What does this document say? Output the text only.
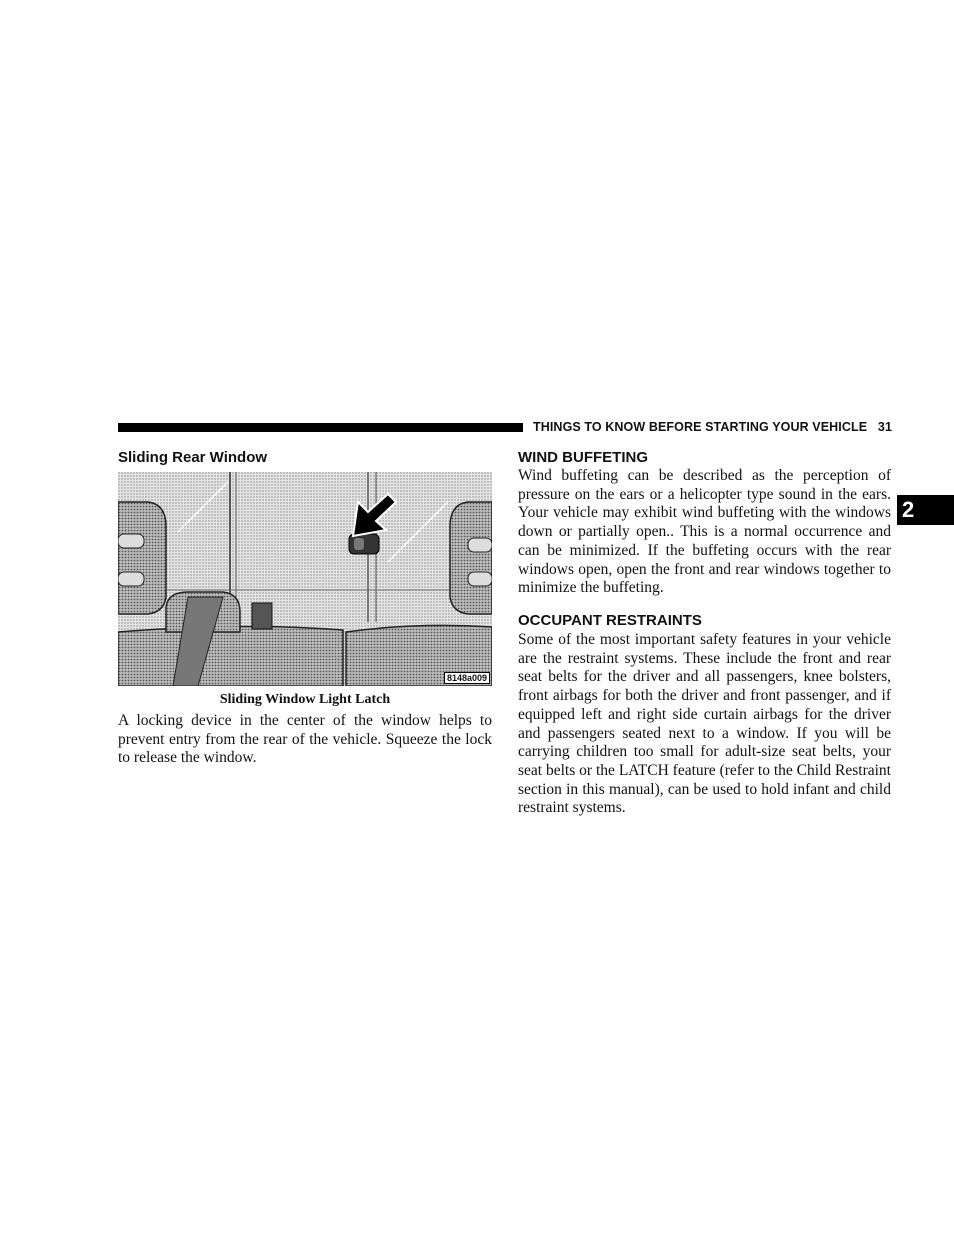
THINGS TO KNOW BEFORE STARTING YOUR VEHICLE 31
2
Sliding Rear Window
8148a009
Sliding Window Light Latch

A locking device in the center of the window helps to prevent entry from the rear of the vehicle. Squeeze the lock to release the window.

WIND BUFFETING

Wind buffeting can be described as the perception of pressure on the ears or a helicopter type sound in the ears. Your vehicle may exhibit wind buffeting with the windows down or partially open.. This is a normal occurrence and can be minimized. If the buffeting occurs with the rear windows open, open the front and rear windows together to minimize the buffeting.

OCCUPANT RESTRAINTS

Some of the most important safety features in your vehicle are the restraint systems. These include the front and rear seat belts for the driver and all passengers, knee bolsters, front airbags for both the driver and front passenger, and if equipped left and right side curtain airbags for the driver and passengers seated next to a window. If you will be carrying children too small for adult-size seat belts, your seat belts or the LATCH feature (refer to the Child Restraint section in this manual), can be used to hold infant and child restraint systems.
